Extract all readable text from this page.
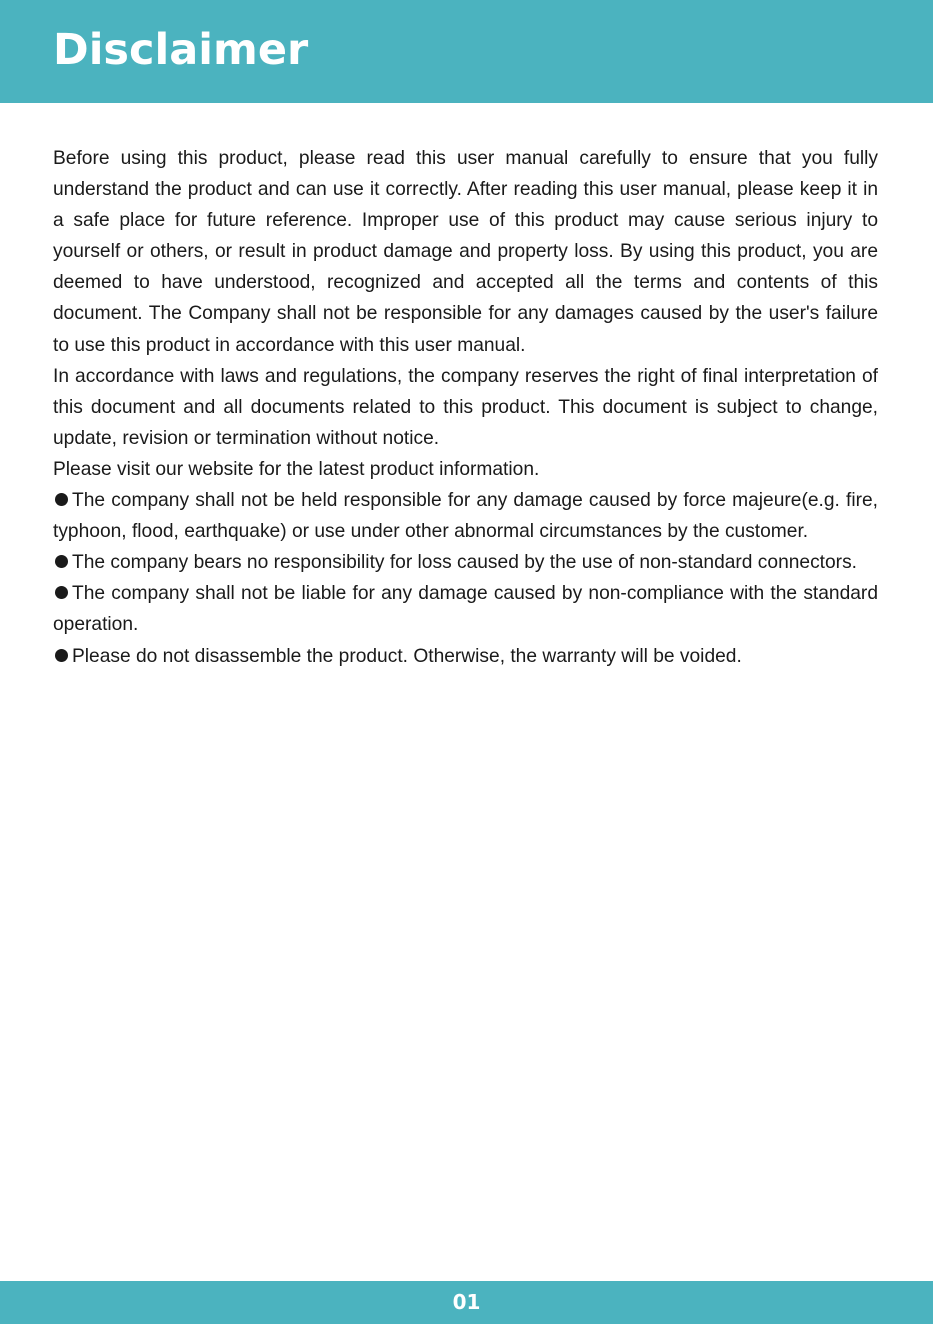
Disclaimer

Before using this product, please read this user manual carefully to ensure that you fully understand the product and can use it correctly. After reading this user manual, please keep it in a safe place for future reference. Improper use of this product may cause serious injury to yourself or others, or result in product damage and property loss. By using this product, you are deemed to have understood, recognized and accepted all the terms and contents of this document. The Company shall not be responsible for any damages caused by the user's failure to use this product in accordance with this user manual.

In accordance with laws and regulations, the company reserves the right of final interpretation of this document and all documents related to this product. This document is subject to change, update, revision or termination without notice.

Please visit our website for the latest product information.

The company shall not be held responsible for any damage caused by force majeure(e.g. fire, typhoon, flood, earthquake) or use under other abnormal circumstances by the customer.

The company bears no responsibility for loss caused by the use of non-standard connectors.

The company shall not be liable for any damage caused by non-compliance with the standard operation.

Please do not disassemble the product. Otherwise, the warranty will be voided.

01
